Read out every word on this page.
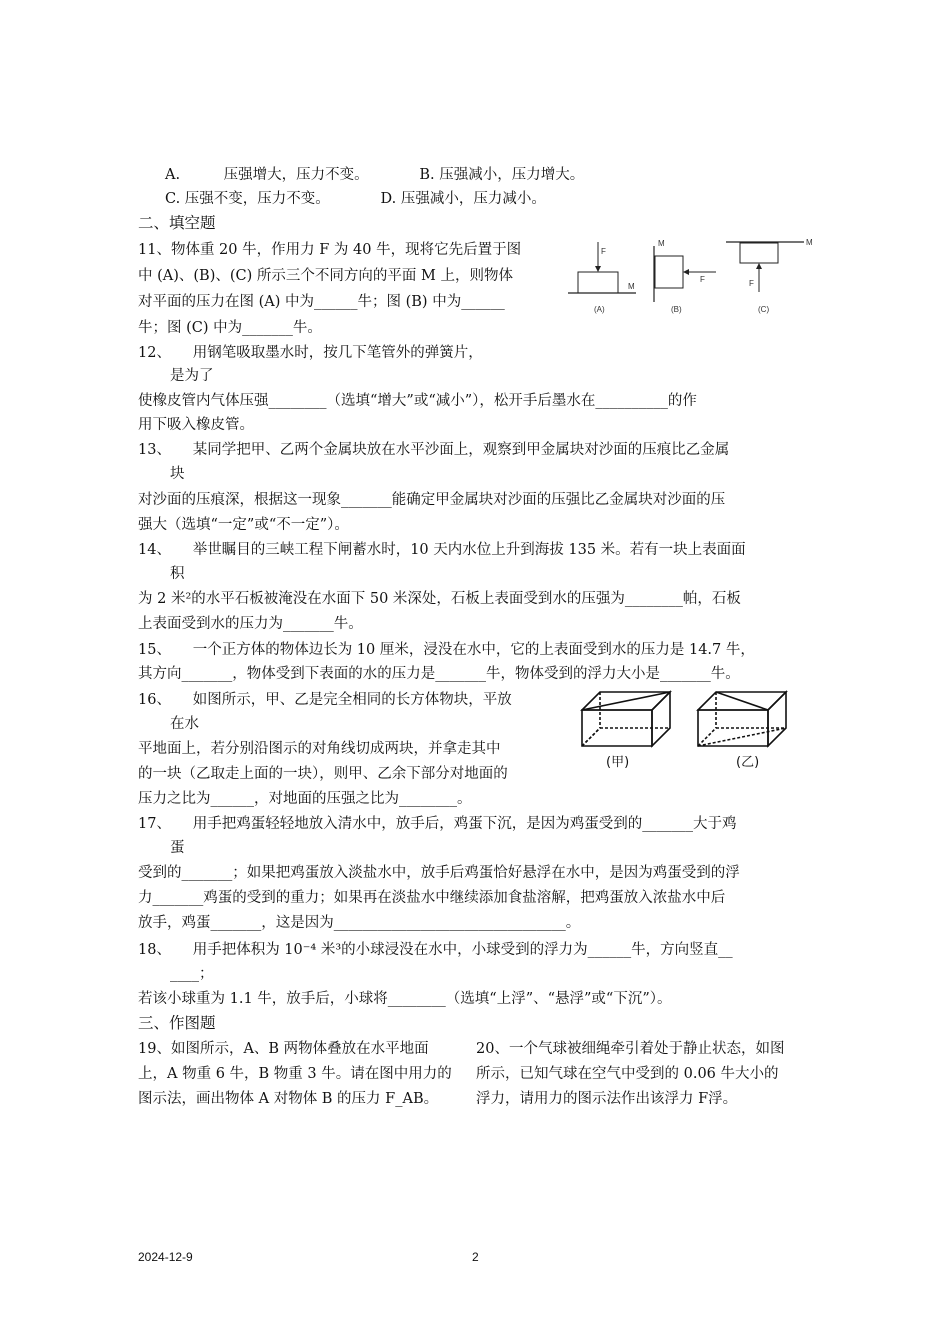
A.　　　压强增大，压力不变。　　　　B. 压强减小，压力增大。
C. 压强不变，压力不变。　　　　D. 压强减小，压力减小。
二、填空题
11、物体重 20 牛，作用力 F 为 40 牛，现将它先后置于图
中 (A)、(B)、(C) 所示三个不同方向的平面 M 上，则物体
对平面的压力在图 (A) 中为______牛；图 (B) 中为______
牛；图 (C) 中为_______牛。
12、　　用钢笔吸取墨水时，按几下笔管外的弹簧片，
是为了
使橡皮管内气体压强________（选填“增大”或“减小”），松开手后墨水在__________的作
用下吸入橡皮管。
13、　　某同学把甲、乙两个金属块放在水平沙面上，观察到甲金属块对沙面的压痕比乙金属
块
对沙面的压痕深，根据这一现象_______能确定甲金属块对沙面的压强比乙金属块对沙面的压
强大（选填“一定”或“不一定”）。
14、　　举世瞩目的三峡工程下闸蓄水时，10 天内水位上升到海拔 135 米。若有一块上表面面
积
为 2 米²的水平石板被淹没在水面下 50 米深处，石板上表面受到水的压强为________帕，石板
上表面受到水的压力为_______牛。
15、　　一个正方体的物体边长为 10 厘米，浸没在水中，它的上表面受到水的压力是 14.7 牛，
其方向_______，物体受到下表面的水的压力是_______牛，物体受到的浮力大小是_______牛。
16、　　如图所示，甲、乙是完全相同的长方体物块，平放
在水
平地面上，若分别沿图示的对角线切成两块，并拿走其中
的一块（乙取走上面的一块），则甲、乙余下部分对地面的
压力之比为______，对地面的压强之比为________。
17、　　用手把鸡蛋轻轻地放入清水中，放手后，鸡蛋下沉，是因为鸡蛋受到的_______大于鸡
蛋
受到的_______；如果把鸡蛋放入淡盐水中，放手后鸡蛋恰好悬浮在水中，是因为鸡蛋受到的浮
力_______鸡蛋的受到的重力；如果再在淡盐水中继续添加食盐溶解，把鸡蛋放入浓盐水中后
放手，鸡蛋_______，这是因为________________________________。
18、　　用手把体积为 10⁻⁴ 米³的小球浸没在水中，小球受到的浮力为______牛，方向竖直__
____；
若该小球重为 1.1 牛，放手后，小球将________（选填“上浮”、“悬浮”或“下沉”）。
三、作图题
19、如图所示，A、B 两物体叠放在水平地面
上，A 物重 6 牛，B 物重 3 牛。请在图中用力的
图示法，画出物体 A 对物体 B 的压力 F_AB。
20、一个气球被细绳牵引着处于静止状态，如图
所示，已知气球在空气中受到的 0.06 牛大小的
浮力，请用力的图示法作出该浮力 F浮。
F
M
(A)
M
F
(B)
M
F
(C)
(甲)	(乙)
2024-12-9	2
